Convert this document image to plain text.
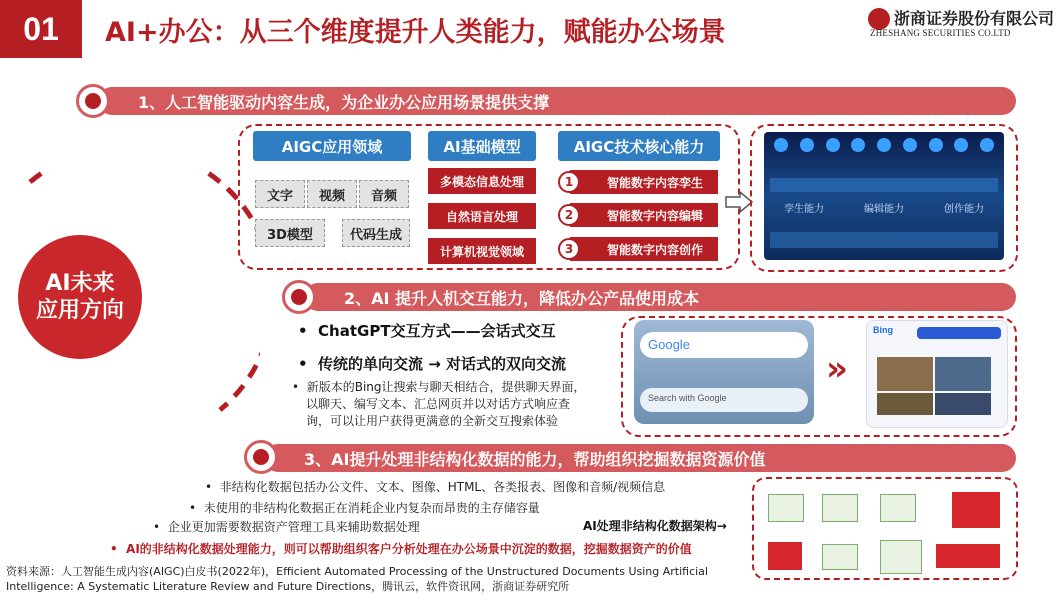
01	AI+办公：从三个维度提升人类能力，赋能办公场景	浙商证券股份有限公司
ZHESHANG SECURITIES CO.LTD
AI未来应用方向
1、人工智能驱动内容生成，为企业办公应用场景提供支撑
AIGC应用领域
文字	视频	音频
3D模型	代码生成
AI基础模型
多模态信息处理
自然语言处理
计算机视觉领域
AIGC技术核心能力
智能数字内容孪生
1
智能数字内容编辑
2
智能数字内容创作
3
孪生能力	编辑能力	创作能力
2、AI 提升人机交互能力，降低办公产品使用成本
•  ChatGPT交互方式——会话式交互
•  传统的单向交流 → 对话式的双向交流
•  新版本的Bing让搜索与聊天相结合，提供聊天界面，
以聊天、编写文本、汇总网页并以对话方式响应查
询，可以让用户获得更满意的全新交互搜索体验
Google
Search with Google
»
Bing
3、AI提升处理非结构化数据的能力，帮助组织挖掘数据资源价值
•  非结构化数据包括办公文件、文本、图像、HTML、各类报表、图像和音频/视频信息
•  未使用的非结构化数据正在消耗企业内复杂而昂贵的主存储容量
•  企业更加需要数据资产管理工具来辅助数据处理	AI处理非结构化数据架构→
•  AI的非结构化数据处理能力，则可以帮助组织客户分析处理在办公场景中沉淀的数据，挖掘数据资产的价值
资料来源：人工智能生成内容(AIGC)白皮书(2022年)，Efficient Automated Processing of the Unstructured Documents Using Artificial Intelligence: A Systematic Literature Review and Future Directions，腾讯云，软件资讯网，浙商证券研究所
